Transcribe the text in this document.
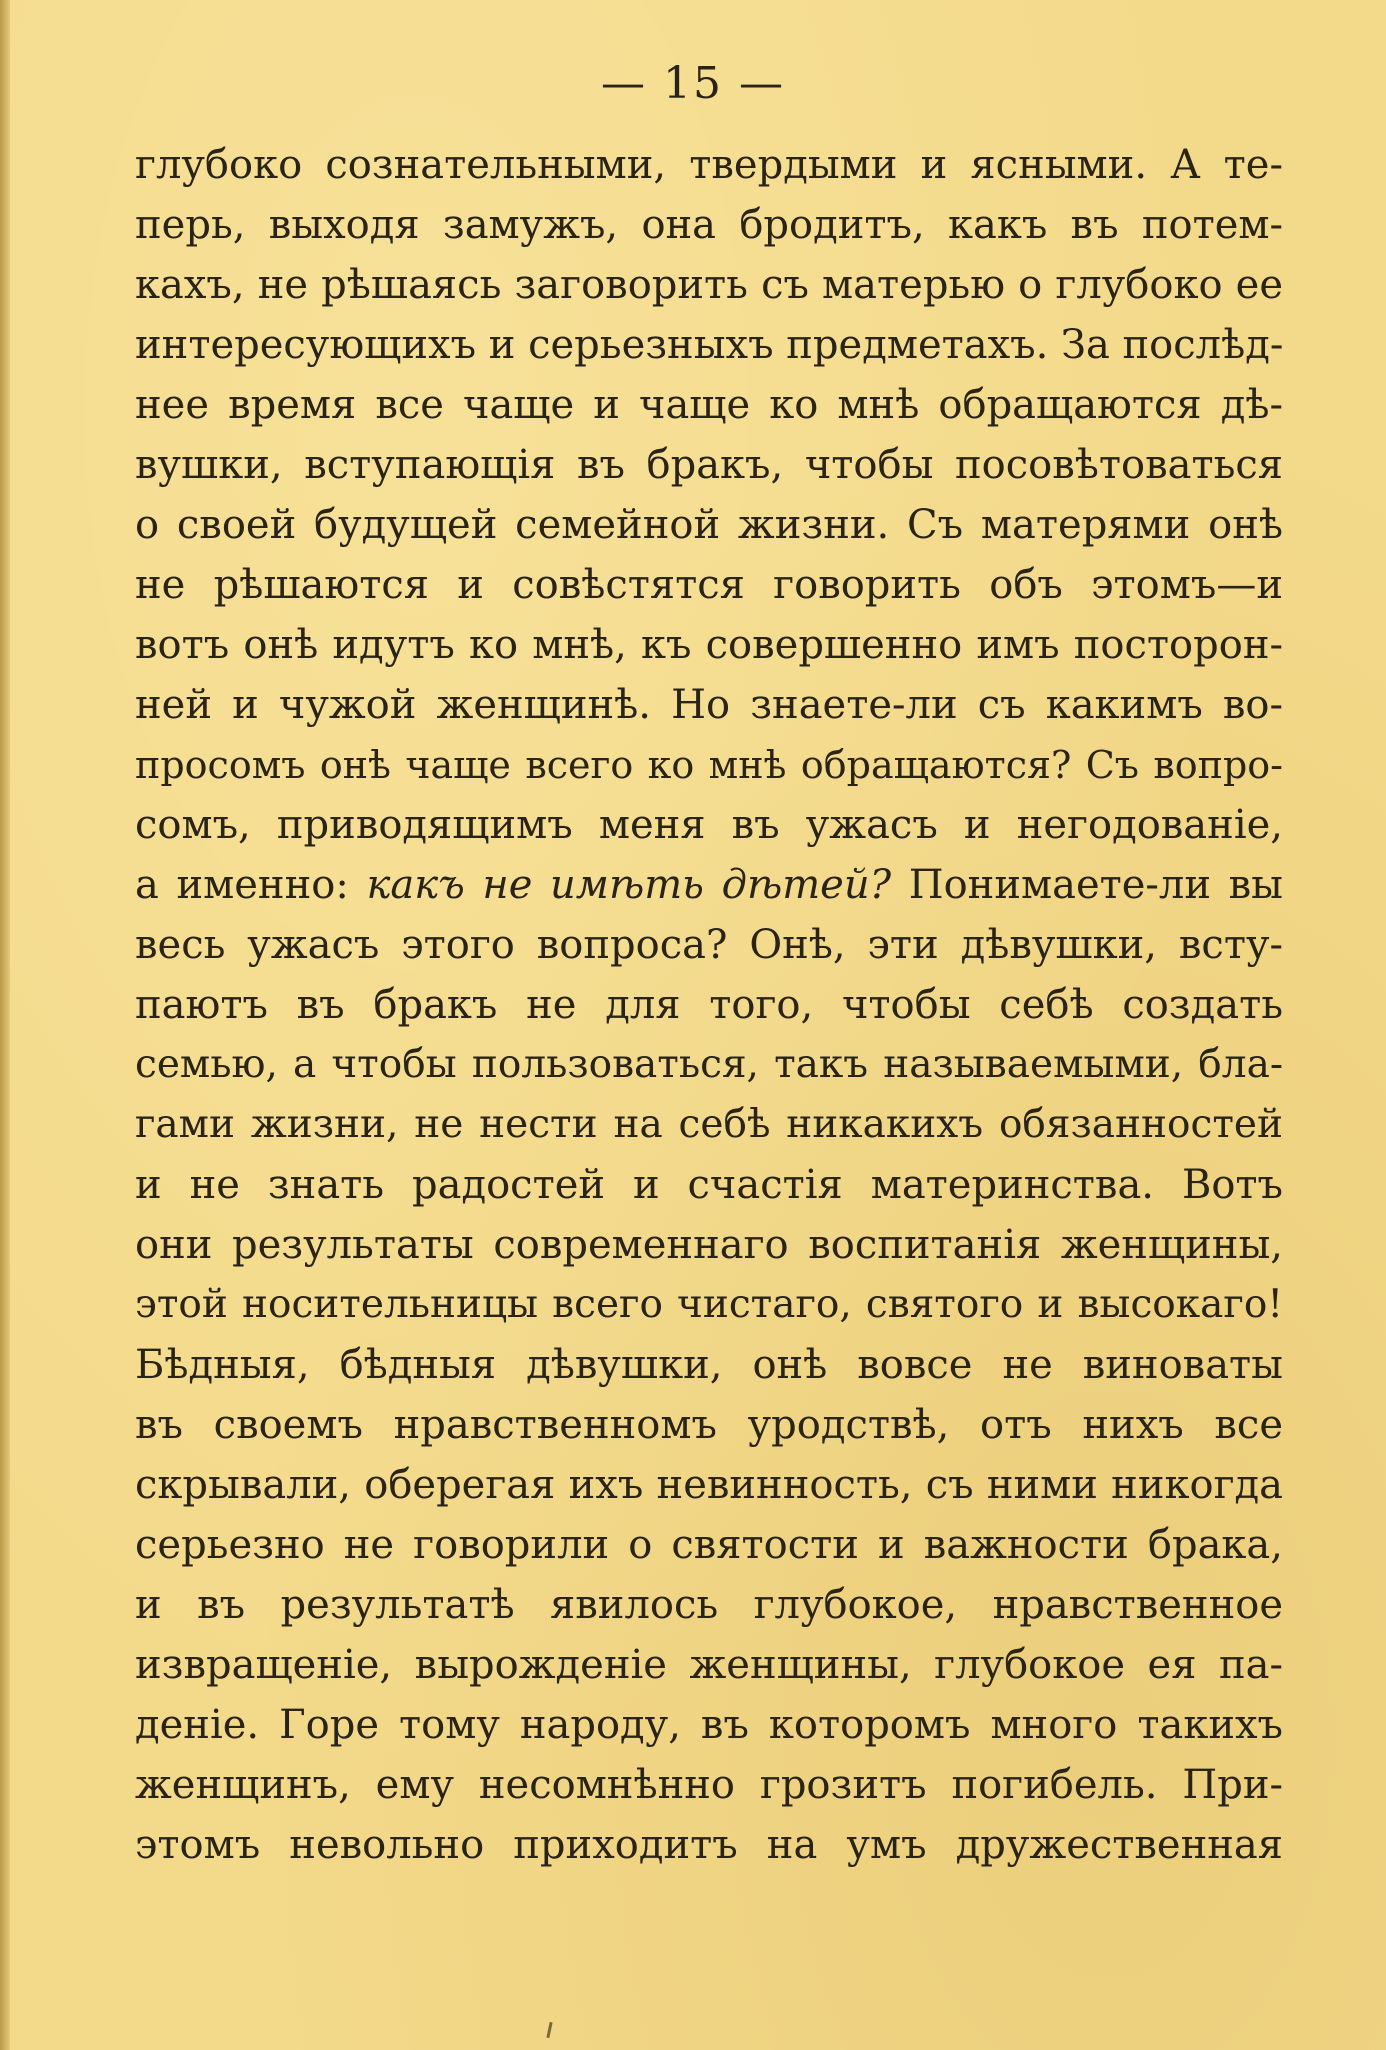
— 15 —
глубоко сознательными, твердыми и ясными. А те-
перь, выходя замужъ, она бродитъ, какъ въ потем-
кахъ, не рѣшаясь заговорить съ матерью о глубоко ее
интересующихъ и серьезныхъ предметахъ. За послѣд-
нее время все чаще и чаще ко мнѣ обращаются дѣ-
вушки, вступающія въ бракъ, чтобы посовѣтоваться
о своей будущей семейной жизни. Съ матерями онѣ
не рѣшаются и совѣстятся говорить объ этомъ—и
вотъ онѣ идутъ ко мнѣ, къ совершенно имъ посторон-
ней и чужой женщинѣ. Но знаете-ли съ какимъ во-
просомъ онѣ чаще всего ко мнѣ обращаются? Съ вопро-
сомъ, приводящимъ меня въ ужасъ и негодованіе,
а именно: какъ не имѣть дѣтей? Понимаете-ли вы
весь ужасъ этого вопроса? Онѣ, эти дѣвушки, всту-
паютъ въ бракъ не для того, чтобы себѣ создать
семью, а чтобы пользоваться, такъ называемыми, бла-
гами жизни, не нести на себѣ никакихъ обязанностей
и не знать радостей и счастія материнства. Вотъ
они результаты современнаго воспитанія женщины,
этой носительницы всего чистаго, святого и высокаго!
Бѣдныя, бѣдныя дѣвушки, онѣ вовсе не виноваты
въ своемъ нравственномъ уродствѣ, отъ нихъ все
скрывали, оберегая ихъ невинность, съ ними никогда
серьезно не говорили о святости и важности брака,
и въ результатѣ явилось глубокое, нравственное
извращеніе, вырожденіе женщины, глубокое ея па-
деніе. Горе тому народу, въ которомъ много такихъ
женщинъ, ему несомнѣнно грозитъ погибель. При-
этомъ невольно приходитъ на умъ дружественная
